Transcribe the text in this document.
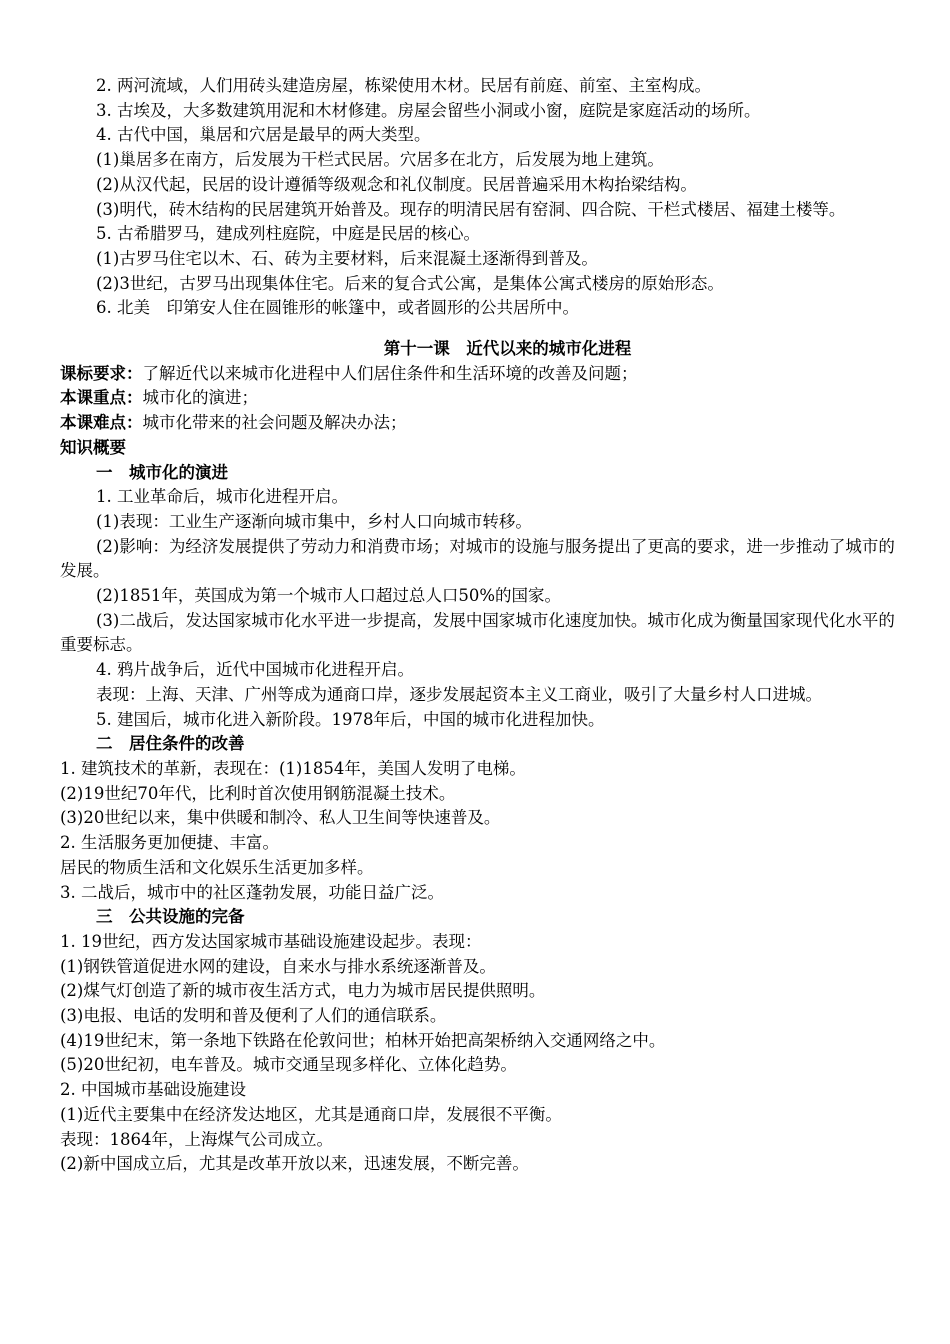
2. 两河流域，人们用砖头建造房屋，栋梁使用木材。民居有前庭、前室、主室构成。

3. 古埃及，大多数建筑用泥和木材修建。房屋会留些小洞或小窗，庭院是家庭活动的场所。

4. 古代中国，巢居和穴居是最早的两大类型。

(1)巢居多在南方，后发展为干栏式民居。穴居多在北方，后发展为地上建筑。

(2)从汉代起，民居的设计遵循等级观念和礼仪制度。民居普遍采用木构抬梁结构。

(3)明代，砖木结构的民居建筑开始普及。现存的明清民居有窑洞、四合院、干栏式楼居、福建土楼等。

5. 古希腊罗马，建成列柱庭院，中庭是民居的核心。

(1)古罗马住宅以木、石、砖为主要材料，后来混凝土逐渐得到普及。

(2)3世纪，古罗马出现集体住宅。后来的复合式公寓，是集体公寓式楼房的原始形态。

6. 北美　印第安人住在圆锥形的帐篷中，或者圆形的公共居所中。

第十一课　近代以来的城市化进程

课标要求：了解近代以来城市化进程中人们居住条件和生活环境的改善及问题；

本课重点：城市化的演进；

本课难点：城市化带来的社会问题及解决办法；

知识概要

一　城市化的演进

1. 工业革命后，城市化进程开启。

(1)表现：工业生产逐渐向城市集中，乡村人口向城市转移。

(2)影响：为经济发展提供了劳动力和消费市场；对城市的设施与服务提出了更高的要求，进一步推动了城市的发展。

(2)1851年，英国成为第一个城市人口超过总人口50%的国家。

(3)二战后，发达国家城市化水平进一步提高，发展中国家城市化速度加快。城市化成为衡量国家现代化水平的重要标志。

4. 鸦片战争后，近代中国城市化进程开启。

表现：上海、天津、广州等成为通商口岸，逐步发展起资本主义工商业，吸引了大量乡村人口进城。

5. 建国后，城市化进入新阶段。1978年后，中国的城市化进程加快。

二　居住条件的改善

1. 建筑技术的革新，表现在：(1)1854年，美国人发明了电梯。

(2)19世纪70年代，比利时首次使用钢筋混凝土技术。

(3)20世纪以来，集中供暖和制冷、私人卫生间等快速普及。

2. 生活服务更加便捷、丰富。

居民的物质生活和文化娱乐生活更加多样。

3. 二战后，城市中的社区蓬勃发展，功能日益广泛。

三　公共设施的完备

1. 19世纪，西方发达国家城市基础设施建设起步。表现：

(1)钢铁管道促进水网的建设，自来水与排水系统逐渐普及。

(2)煤气灯创造了新的城市夜生活方式，电力为城市居民提供照明。

(3)电报、电话的发明和普及便利了人们的通信联系。

(4)19世纪末，第一条地下铁路在伦敦问世；柏林开始把高架桥纳入交通网络之中。

(5)20世纪初，电车普及。城市交通呈现多样化、立体化趋势。

2. 中国城市基础设施建设

(1)近代主要集中在经济发达地区，尤其是通商口岸，发展很不平衡。

表现：1864年，上海煤气公司成立。

(2)新中国成立后，尤其是改革开放以来，迅速发展，不断完善。
